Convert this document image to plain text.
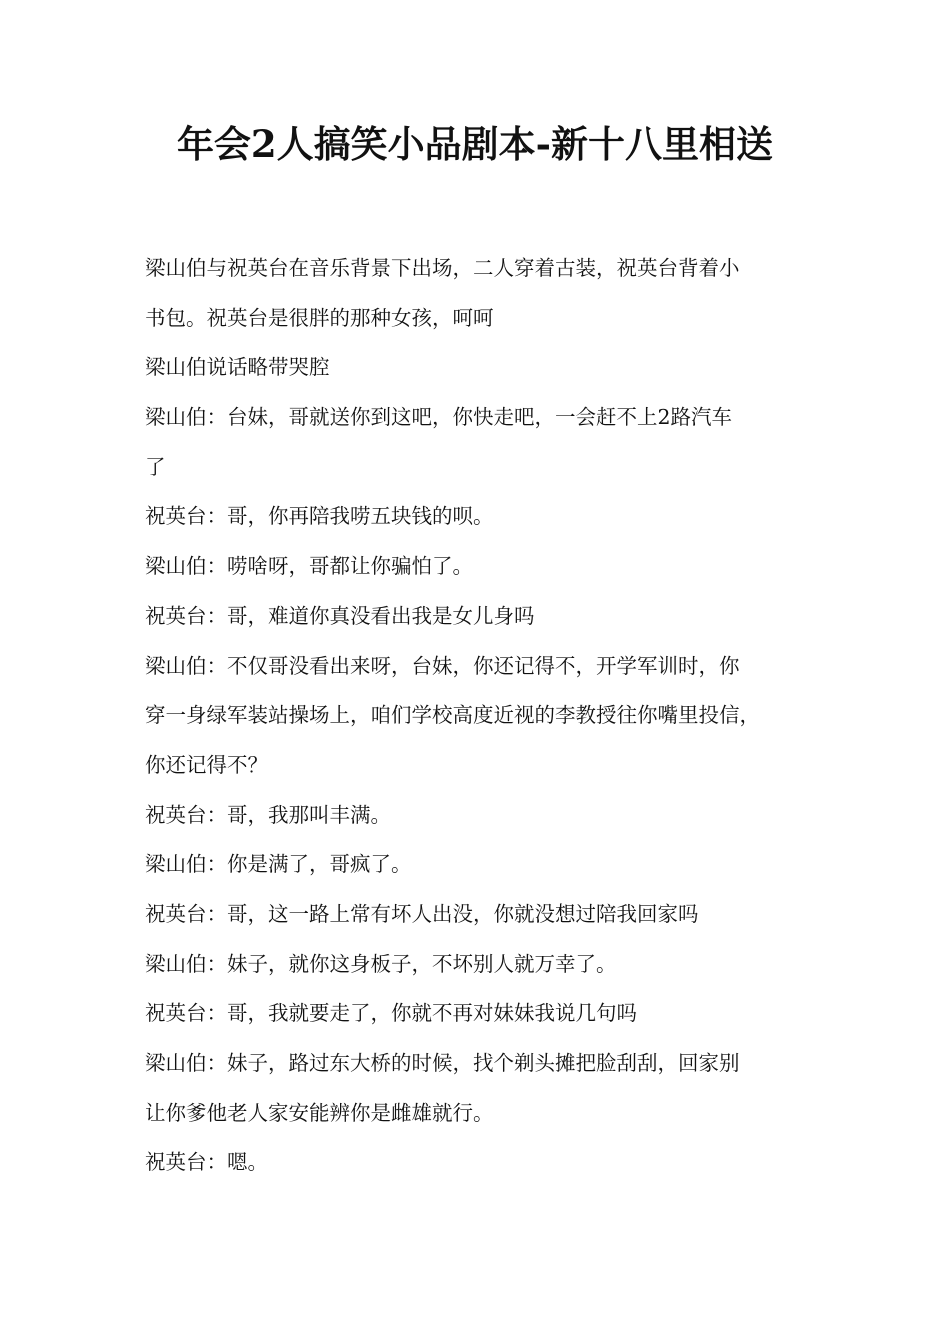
年会2人搞笑小品剧本-新十八里相送
梁山伯与祝英台在音乐背景下出场，二人穿着古装，祝英台背着小
书包。祝英台是很胖的那种女孩，呵呵
梁山伯说话略带哭腔
梁山伯：台妹，哥就送你到这吧，你快走吧，一会赶不上2路汽车
了
祝英台：哥，你再陪我唠五块钱的呗。
梁山伯：唠啥呀，哥都让你骗怕了。
祝英台：哥，难道你真没看出我是女儿身吗
梁山伯：不仅哥没看出来呀，台妹，你还记得不，开学军训时，你
穿一身绿军装站操场上，咱们学校高度近视的李教授往你嘴里投信，
你还记得不？
祝英台：哥，我那叫丰满。
梁山伯：你是满了，哥疯了。
祝英台：哥，这一路上常有坏人出没，你就没想过陪我回家吗
梁山伯：妹子，就你这身板子，不坏别人就万幸了。
祝英台：哥，我就要走了，你就不再对妹妹我说几句吗
梁山伯：妹子，路过东大桥的时候，找个剃头摊把脸刮刮，回家别
让你爹他老人家安能辨你是雌雄就行。
祝英台：嗯。
